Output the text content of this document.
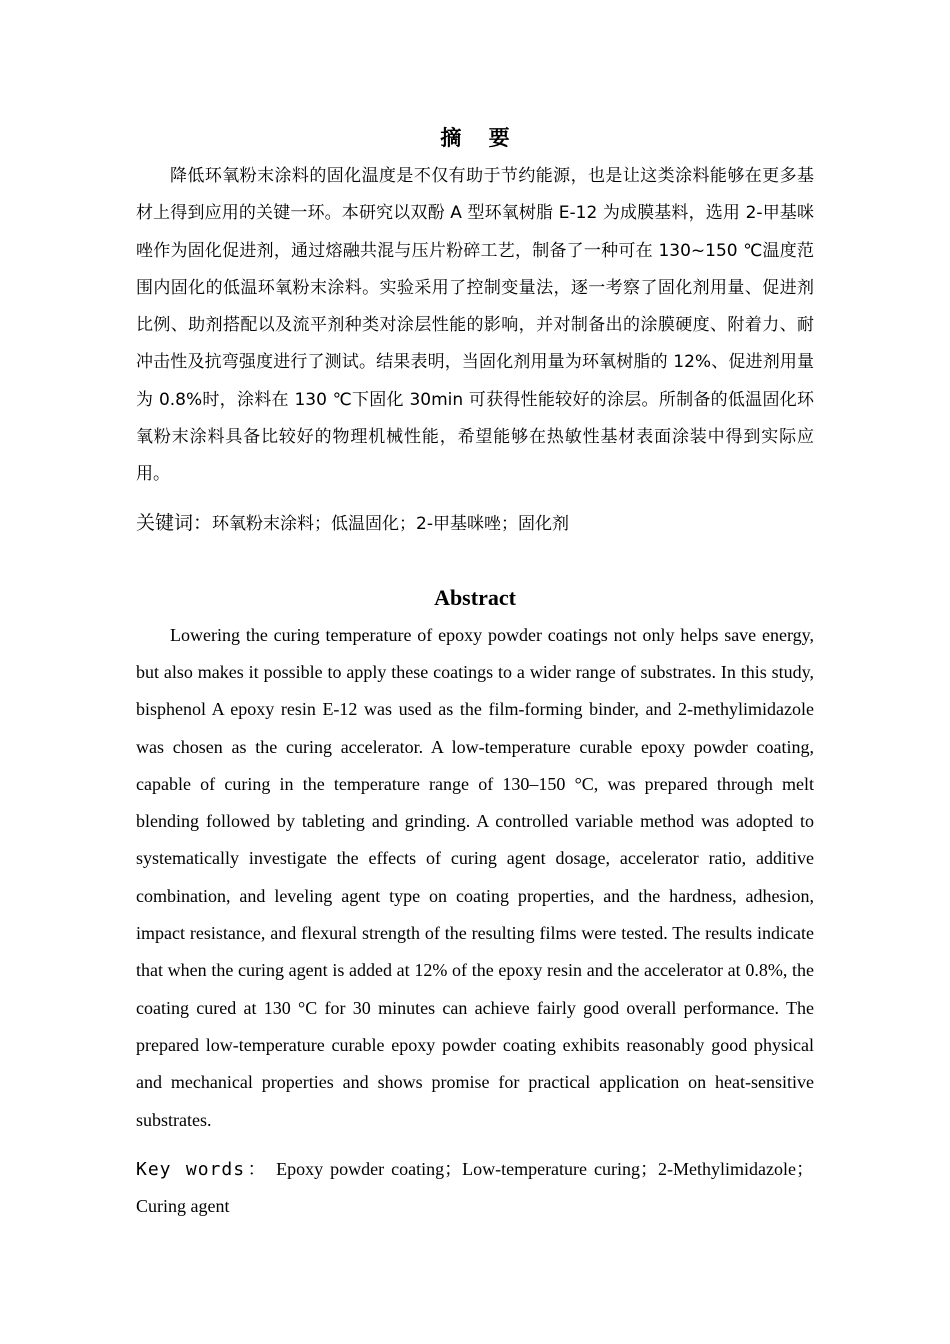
摘 要

降低环氧粉末涂料的固化温度是不仅有助于节约能源，也是让这类涂料能够在更多基材上得到应用的关键一环。本研究以双酚 A 型环氧树脂 E-12 为成膜基料，选用 2-甲基咪唑作为固化促进剂，通过熔融共混与压片粉碎工艺，制备了一种可在 130~150 ℃温度范围内固化的低温环氧粉末涂料。实验采用了控制变量法，逐一考察了固化剂用量、促进剂比例、助剂搭配以及流平剂种类对涂层性能的影响，并对制备出的涂膜硬度、附着力、耐冲击性及抗弯强度进行了测试。结果表明，当固化剂用量为环氧树脂的 12%、促进剂用量为 0.8%时，涂料在 130 ℃下固化 30min 可获得性能较好的涂层。所制备的低温固化环氧粉末涂料具备比较好的物理机械性能，希望能够在热敏性基材表面涂装中得到实际应用。

关键词：环氧粉末涂料；低温固化；2-甲基咪唑；固化剂

Abstract

Lowering the curing temperature of epoxy powder coatings not only helps save energy, but also makes it possible to apply these coatings to a wider range of substrates. In this study, bisphenol A epoxy resin E-12 was used as the film-forming binder, and 2-methylimidazole was chosen as the curing accelerator. A low-temperature curable epoxy powder coating, capable of curing in the temperature range of 130–150 °C, was prepared through melt blending followed by tableting and grinding. A controlled variable method was adopted to systematically investigate the effects of curing agent dosage, accelerator ratio, additive combination, and leveling agent type on coating properties, and the hardness, adhesion, impact resistance, and flexural strength of the resulting films were tested. The results indicate that when the curing agent is added at 12% of the epoxy resin and the accelerator at 0.8%, the coating cured at 130 °C for 30 minutes can achieve fairly good overall performance. The prepared low-temperature curable epoxy powder coating exhibits reasonably good physical and mechanical properties and shows promise for practical application on heat-sensitive substrates.

Key words： Epoxy powder coating；Low-temperature curing；2-Methylimidazole；Curing agent
